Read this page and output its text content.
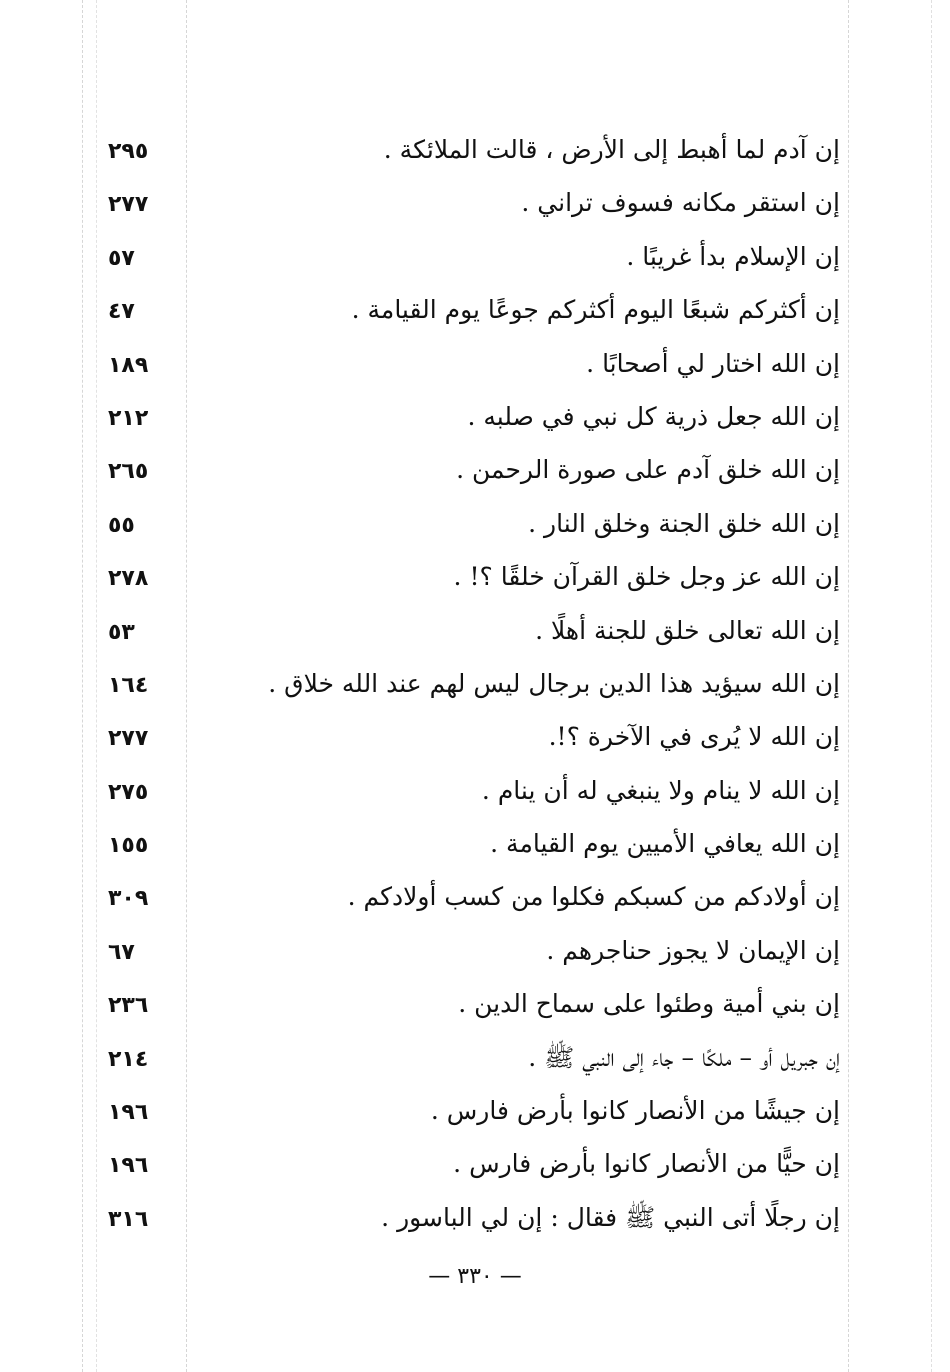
إن آدم لما أهبط إلى الأرض ، قالت الملائكة .
٢٩٥
إن استقر مكانه فسوف تراني .
٢٧٧
إن الإسلام بدأ غريبًا .
٥٧
إن أكثركم شبعًا اليوم أكثركم جوعًا يوم القيامة .
٤٧
إن الله اختار لي أصحابًا .
١٨٩
إن الله جعل ذرية كل نبي في صلبه .
٢١٢
إن الله خلق آدم على صورة الرحمن .
٢٦٥
إن الله خلق الجنة وخلق النار .
٥٥
إن الله عز وجل خلق القرآن خلقًا ؟! .
٢٧٨
إن الله تعالى خلق للجنة أهلًا .
٥٣
إن الله سيؤيد هذا الدين برجال ليس لهم عند الله خلاق .
١٦٤
إن الله لا يُرى في الآخرة ؟!.
٢٧٧
إن الله لا ينام ولا ينبغي له أن ينام .
٢٧٥
إن الله يعافي الأميين يوم القيامة .
١٥٥
إن أولادكم من كسبكم فكلوا من كسب أولادكم .
٣٠٩
إن الإيمان لا يجوز حناجرهم .
٦٧
إن بني أمية وطئوا على سماح الدين .
٢٣٦
إن جبريل أو – ملكًا – جاء إلى النبي ﷺ .
٢١٤
إن جيشًا من الأنصار كانوا بأرض فارس .
١٩٦
إن حيًّا من الأنصار كانوا بأرض فارس .
١٩٦
إن رجلًا أتى النبي ﷺ فقال : إن لي الباسور .
٣١٦
— ٣٣٠ —
